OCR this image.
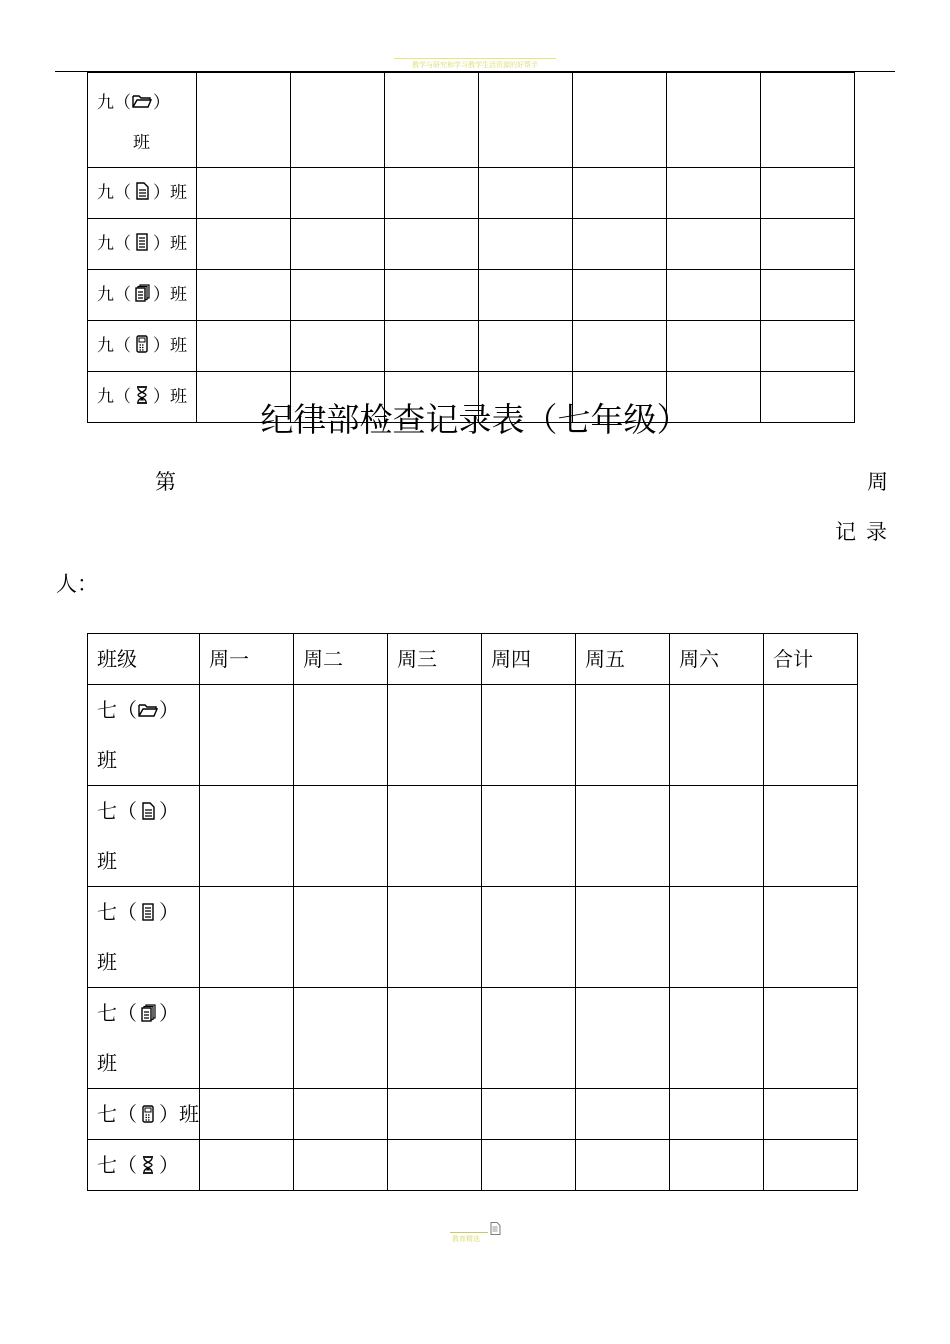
教学与研究和学习教学生活资源的好帮手
九（ ）
班							
九（ ）班							
九（ ）班							
九（ ）班							
九（ ）班							
九（ ）班							
纪律部检查记录表（七年级）
第	周
记录
人：
班级	周一	周二	周三	周四	周五	周六	合计
七（ ）
班							
七（ ）
班							
七（ ）
班							
七（ ）
班							
七（ ）班							
七（ ）							
教育精选
